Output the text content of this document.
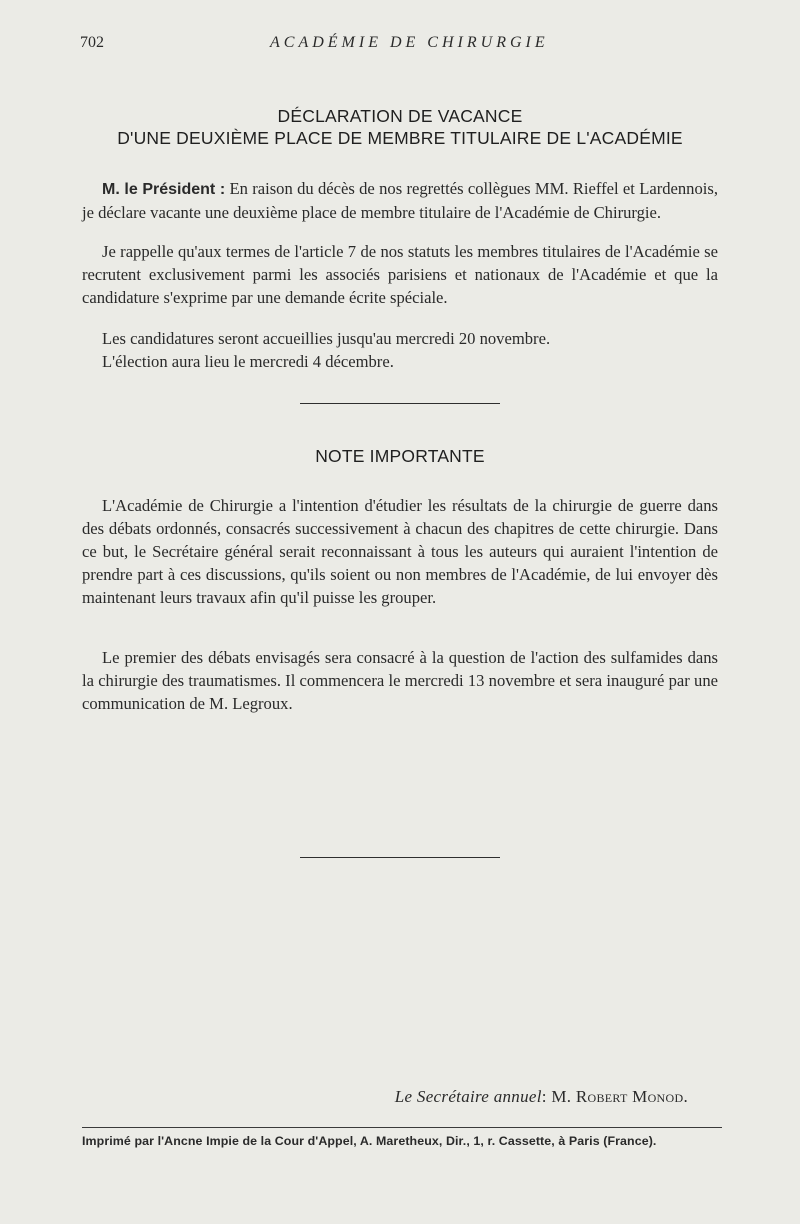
702	ACADÉMIE DE CHIRURGIE
DÉCLARATION DE VACANCE
D'UNE DEUXIÈME PLACE DE MEMBRE TITULAIRE DE L'ACADÉMIE

M. le Président : En raison du décès de nos regrettés collègues MM. Rieffel et Lardennois, je déclare vacante une deuxième place de membre titulaire de l'Académie de Chirurgie.

Je rappelle qu'aux termes de l'article 7 de nos statuts les membres titulaires de l'Académie se recrutent exclusivement parmi les associés parisiens et nationaux de l'Académie et que la candidature s'exprime par une demande écrite spéciale.

Les candidatures seront accueillies jusqu'au mercredi 20 novembre.

L'élection aura lieu le mercredi 4 décembre.

NOTE IMPORTANTE

L'Académie de Chirurgie a l'intention d'étudier les résultats de la chirurgie de guerre dans des débats ordonnés, consacrés successivement à chacun des chapitres de cette chirurgie. Dans ce but, le Secrétaire général serait reconnaissant à tous les auteurs qui auraient l'intention de prendre part à ces discussions, qu'ils soient ou non membres de l'Académie, de lui envoyer dès maintenant leurs travaux afin qu'il puisse les grouper.

Le premier des débats envisagés sera consacré à la question de l'action des sulfamides dans la chirurgie des traumatismes. Il commencera le mercredi 13 novembre et sera inauguré par une communication de M. Legroux.

Le Secrétaire annuel: M. Robert Monod.
Imprimé par l'Ancne Impie de la Cour d'Appel, A. Maretheux, Dir., 1, r. Cassette, à Paris (France).
